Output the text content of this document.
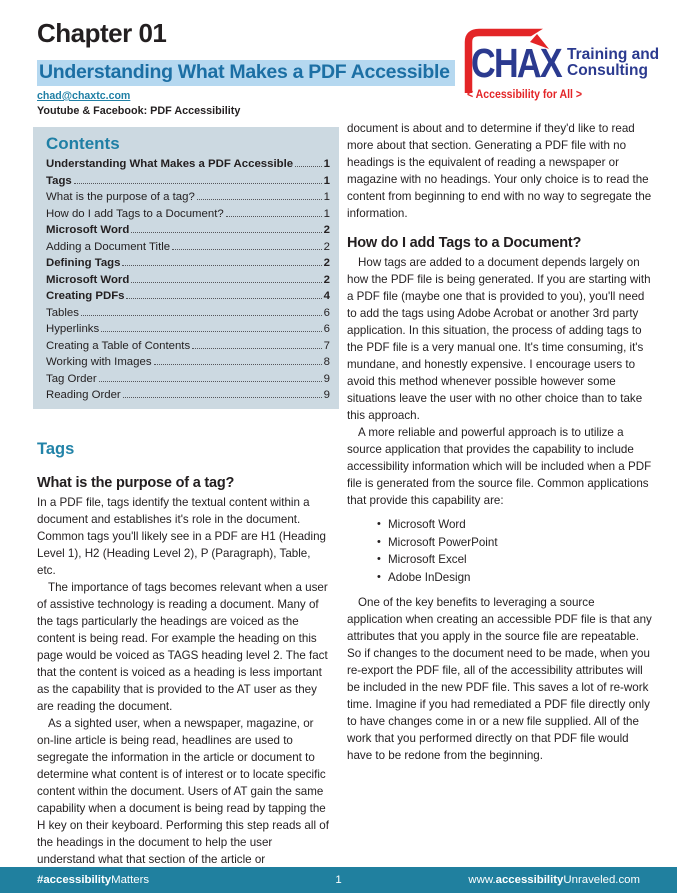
Chapter 01
Understanding What Makes a PDF Accessible
chad@chaxtc.com
Youtube & Facebook: PDF Accessibility
CHAX Training and
Consulting
< Accessibility for All >
Contents
Understanding What Makes a PDF Accessible	1
Tags	1
What is the purpose of a tag?	1
How do I add Tags to a Document?	1
Microsoft Word	2
Adding a Document Title	2
Defining Tags	2
Microsoft Word	2
Creating PDFs	4
Tables	6
Hyperlinks	6
Creating a Table of Contents	7
Working with Images	8
Tag Order	9
Reading Order	9
Tags
What is the purpose of a tag?

In a PDF file, tags identify the textual content within a document and establishes it's role in the document. Common tags you'll likely see in a PDF are H1 (Heading Level 1), H2 (Heading Level 2), P (Paragraph), Table, etc.

The importance of tags becomes relevant when a user of assistive technology is reading a document. Many of the tags particularly the headings are voiced as the content is being read. For example the heading on this page would be voiced as TAGS heading level 2. The fact that the content is voiced as a heading is less important as the capability that is provided to the AT user as they are reading the document.

As a sighted user, when a newspaper, magazine, or on-line article is being read, headlines are used to segregate the information in the article or document to determine what content is of interest or to locate specific content within the document. Users of AT gain the same capability when a document is being read by tapping the H key on their keyboard. Performing this step reads all of the headings in the document to help the user understand what that section of the article or

document is about and to determine if they'd like to read more about that section. Generating a PDF file with no headings is the equivalent of reading a newspaper or magazine with no headings. Your only choice is to read the content from beginning to end with no way to segregate the information.

How do I add Tags to a Document?

How tags are added to a document depends largely on how the PDF file is being generated. If you are starting with a PDF file (maybe one that is provided to you), you'll need to add the tags using Adobe Acrobat or another 3rd party application. In this situation, the process of adding tags to the PDF file is a very manual one. It's time consuming, it's mundane, and honestly expensive. I encourage users to avoid this method whenever possible however some situations leave the user with no other choice than to take this approach.

A more reliable and powerful approach is to utilize a source application that provides the capability to include accessibility information which will be included when a PDF file is generated from the source file. Common applications that provide this capability are:

• Microsoft Word
• Microsoft PowerPoint
• Microsoft Excel
• Adobe InDesign

One of the key benefits to leveraging a source application when creating an accessible PDF file is that any attributes that you apply in the source file are repeatable. So if changes to the document need to be made, when you re-export the PDF file, all of the accessibility attributes will be included in the new PDF file. This saves a lot of re-work time. Imagine if you had remediated a PDF file directly only to have changes come in or a new file supplied. All of the work that you performed directly on that PDF file would have to be redone from the beginning.

#accessibilityMatters	1	www.accessibilityUnraveled.com
